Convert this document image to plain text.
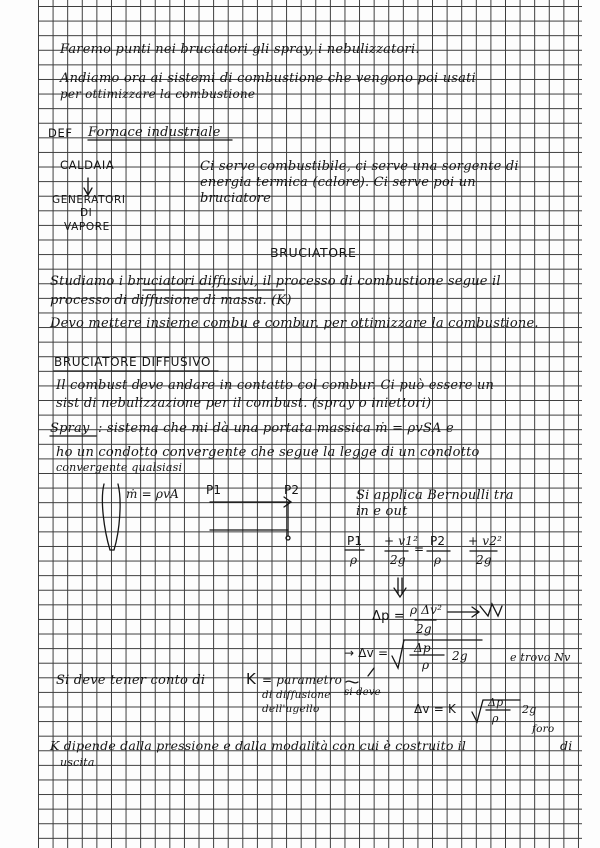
Faremo punti nei bruciatori gli spray, i nebulizzatori.
Andiamo ora ai sistemi di combustione che vengono poi usati
per ottimizzare la combustione
DEF Fornace industriale
CALDAIA
GENERATORI
DI
VAPORE
Ci serve combustibile, ci serve una sorgente di
energia termica (calore). Ci serve poi un
bruciatore
BRUCIATORE
Studiamo i bruciatori diffusivi, il processo di combustione segue il
processo di diffusione di massa. (K)
Devo mettere insieme combu e combur. per ottimizzare la combustione.
BRUCIATORE DIFFUSIVO
Il combust deve andare in contatto col combur. Ci può essere un
sist di nebulizzazione per il combust. (spray o iniettori)
Spray : sistema che mi dà una portata massica ṁ = ρvSA e
ho un condotto convergente che segue la legge di un condotto
convergente qualsiasi
ṁ = ρvA P1	P2	Si applica Bernoulli tra
in e out
P1
ρ
+ v1²
2g
=
P2
ρ
+ v2²
2g
Δp = ρ Δv²
2g
→ Δv = Δp
ρ
2g	e trovo Nv
Si deve tener conto di	K = parametro
di diffusione
dell'ugello
si deve
Δv = K	Δp
ρ
2g
K dipende dalla pressione e dalla modalità con cui è costruito il
foro
di
uscita
